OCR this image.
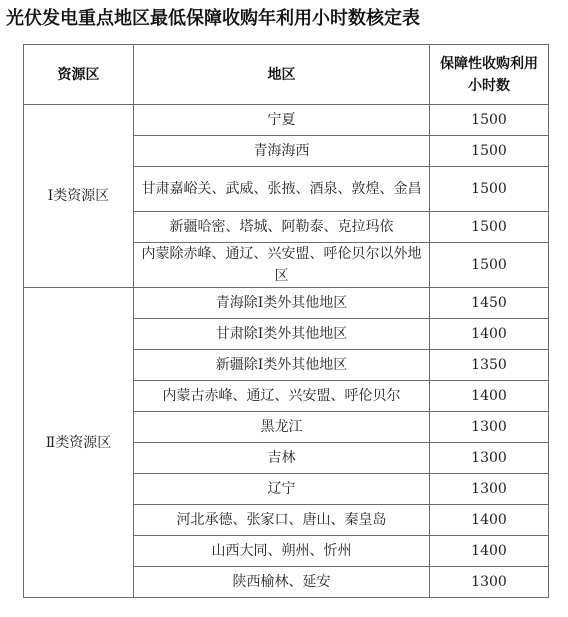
光伏发电重点地区最低保障收购年利用小时数核定表
资源区	地区	保障性收购利用小时数
Ⅰ类资源区	宁夏	1500
	青海海西	1500
	甘肃嘉峪关、武威、张掖、酒泉、敦煌、金昌	1500
	新疆哈密、塔城、阿勒泰、克拉玛依	1500
	内蒙除赤峰、通辽、兴安盟、呼伦贝尔以外地区	1500
Ⅱ类资源区	青海除Ⅰ类外其他地区	1450
	甘肃除Ⅰ类外其他地区	1400
	新疆除Ⅰ类外其他地区	1350
	内蒙古赤峰、通辽、兴安盟、呼伦贝尔	1400
	黑龙江	1300
	吉林	1300
	辽宁	1300
	河北承德、张家口、唐山、秦皇岛	1400
	山西大同、朔州、忻州	1400
	陕西榆林、延安	1300
